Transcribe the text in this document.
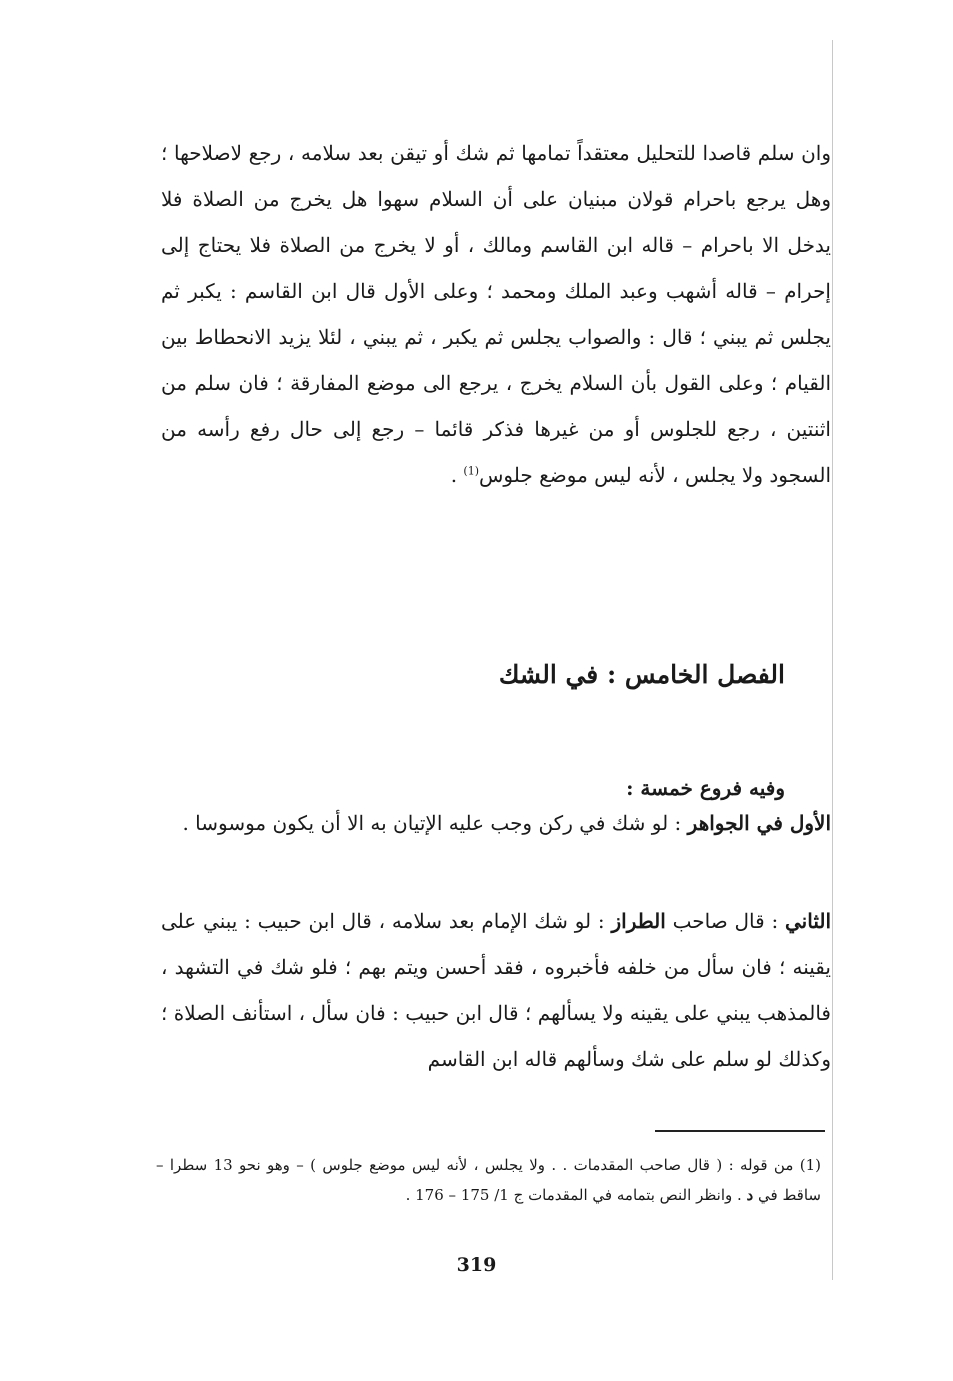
وان سلم قاصدا للتحليل معتقداً تمامها ثم شك أو تيقن بعد سلامه ، رجع لاصلاحها ؛ وهل يرجع باحرام قولان مبنيان على أن السلام سهوا هل يخرج من الصلاة فلا يدخل الا باحرام – قاله ابن القاسم ومالك ، أو لا يخرج من الصلاة فلا يحتاج إلى إحرام – قاله أشهب وعبد الملك ومحمد ؛ وعلى الأول قال ابن القاسم : يكبر ثم يجلس ثم يبني ؛ قال : والصواب يجلس ثم يكبر ، ثم يبني ، لئلا يزيد الانحطاط بين القيام ؛ وعلى القول بأن السلام يخرج ، يرجع الى موضع المفارقة ؛ فان سلم من اثنتين ، رجع للجلوس أو من غيرها فذكر قائما – رجع إلى حال رفع رأسه من السجود ولا يجلس ، لأنه ليس موضع جلوس$^{(1)}$ .

الفصل الخامس : في الشك
وفيه فروع خمسة :

الأول في الجواهر : لو شك في ركن وجب عليه الإتيان به الا أن يكون موسوسا .

الثاني : قال صاحب الطراز : لو شك الإمام بعد سلامه ، قال ابن حبيب : يبني على يقينه ؛ فان سأل من خلفه فأخبروه ، فقد أحسن ويتم بهم ؛ فلو شك في التشهد ، فالمذهب يبني على يقينه ولا يسألهم ؛ قال ابن حبيب : فان سأل ، استأنف الصلاة ؛ وكذلك لو سلم على شك وسألهم قاله ابن القاسم

(1) من قوله : ( قال صاحب المقدمات . . ولا يجلس ، لأنه ليس موضع جلوس ) – وهو نحو 13 سطرا – ساقط في د . وانظر النص بتمامه في المقدمات ج 1/ 175 – 176 .
319
